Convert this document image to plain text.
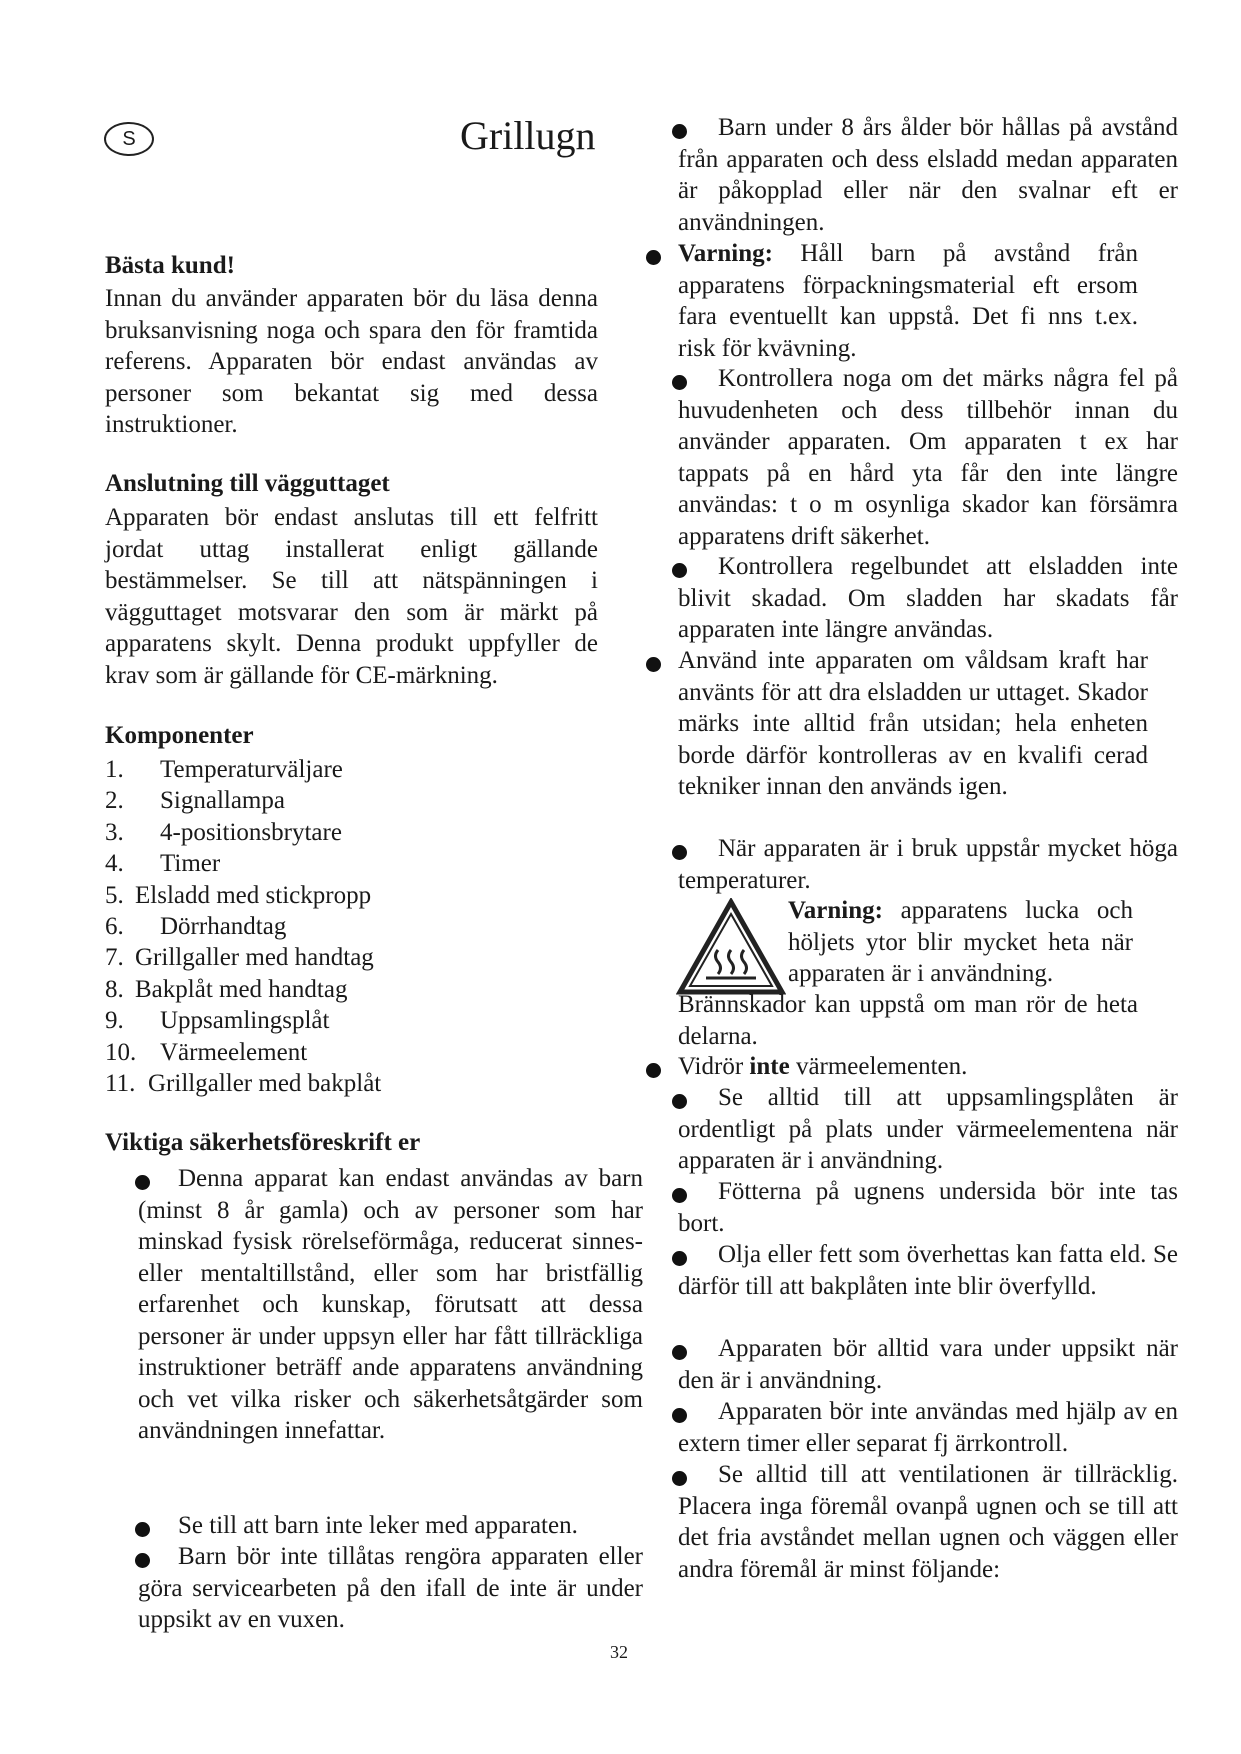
S	Grillugn
Bästa kund!
Innan du använder apparaten bör du läsa denna bruksanvisning noga och spara den för framtida referens. Apparaten bör endast användas av personer som bekantat sig med dessa instruktioner.
Anslutning till vägguttaget
Apparaten bör endast anslutas till ett felfritt jordat uttag installerat enligt gällande bestämmelser. Se till att nätspänningen i vägguttaget motsvarar den som är märkt på apparatens skylt. Denna produkt uppfyller de krav som är gällande för CE-märkning.
Komponenter
1. Temperaturväljare
2. Signallampa
3. 4-positionsbrytare
4. Timer
5. Elsladd med stickpropp
6. Dörrhandtag
7. Grillgaller med handtag
8. Bakplåt med handtag
9. Uppsamlingsplåt
10. Värmeelement
11. Grillgaller med bakplåt
Viktiga säkerhetsföreskrift er
Denna apparat kan endast användas av barn (minst 8 år gamla) och av personer som har minskad fysisk rörelseförmåga, reducerat sinnes- eller mentaltillstånd, eller som har bristfällig erfarenhet och kunskap, förutsatt att dessa personer är under uppsyn eller har fått tillräckliga instruktioner beträff ande apparatens användning och vet vilka risker och säkerhetsåtgärder som användningen innefattar.
Se till att barn inte leker med apparaten.
Barn bör inte tillåtas rengöra apparaten eller göra servicearbeten på den ifall de inte är under uppsikt av en vuxen.
Barn under 8 års ålder bör hållas på avstånd från apparaten och dess elsladd medan apparaten är påkopplad eller när den svalnar eft er användningen.
Varning: Håll barn på avstånd från apparatens förpackningsmaterial eft ersom fara eventuellt kan uppstå. Det fi nns t.ex. risk för kvävning.
Kontrollera noga om det märks några fel på huvudenheten och dess tillbehör innan du använder apparaten. Om apparaten t ex har tappats på en hård yta får den inte längre användas: t o m osynliga skador kan försämra apparatens drift säkerhet.
Kontrollera regelbundet att elsladden inte blivit skadad. Om sladden har skadats får apparaten inte längre användas.
Använd inte apparaten om våldsam kraft har använts för att dra elsladden ur uttaget. Skador märks inte alltid från utsidan; hela enheten borde därför kontrolleras av en kvalifi cerad tekniker innan den används igen.
När apparaten är i bruk uppstår mycket höga temperaturer.
Varning: apparatens lucka och höljets ytor blir mycket heta när apparaten är i användning.
Brännskador kan uppstå om man rör de heta delarna.
Vidrör inte värmeelementen.
Se alltid till att uppsamlingsplåten är ordentligt på plats under värmeelementena när apparaten är i användning.
Fötterna på ugnens undersida bör inte tas bort.
Olja eller fett som överhettas kan fatta eld. Se därför till att bakplåten inte blir överfylld.
Apparaten bör alltid vara under uppsikt när den är i användning.
Apparaten bör inte användas med hjälp av en extern timer eller separat fj ärrkontroll.
Se alltid till att ventilationen är tillräcklig. Placera inga föremål ovanpå ugnen och se till att det fria avståndet mellan ugnen och väggen eller andra föremål är minst följande:
32
